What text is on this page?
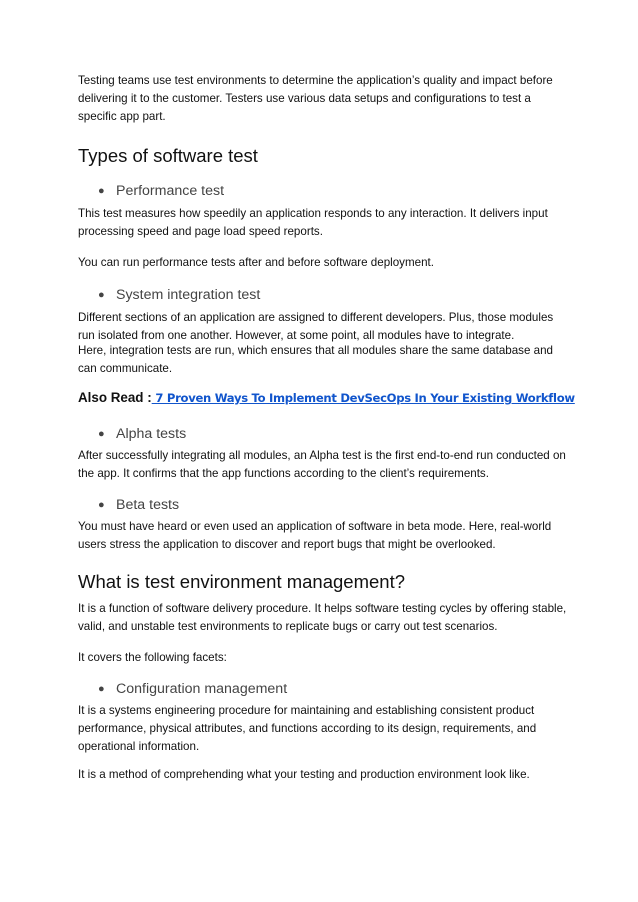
Testing teams use test environments to determine the application’s quality and impact before delivering it to the customer. Testers use various data setups and configurations to test a specific app part.

Types of software test
● Performance test

This test measures how speedily an application responds to any interaction. It delivers input processing speed and page load speed reports.

You can run performance tests after and before software deployment.

● System integration test

Different sections of an application are assigned to different developers. Plus, those modules run isolated from one another. However, at some point, all modules have to integrate.

Here, integration tests are run, which ensures that all modules share the same database and can communicate.

Also Read : 7 Proven Ways To Implement DevSecOps In Your Existing Workflow

● Alpha tests

After successfully integrating all modules, an Alpha test is the first end-to-end run conducted on the app. It confirms that the app functions according to the client’s requirements.

● Beta tests

You must have heard or even used an application of software in beta mode. Here, real-world users stress the application to discover and report bugs that might be overlooked.

What is test environment management?

It is a function of software delivery procedure. It helps software testing cycles by offering stable, valid, and unstable test environments to replicate bugs or carry out test scenarios.

It covers the following facets:

● Configuration management

It is a systems engineering procedure for maintaining and establishing consistent product performance, physical attributes, and functions according to its design, requirements, and operational information.

It is a method of comprehending what your testing and production environment look like.
